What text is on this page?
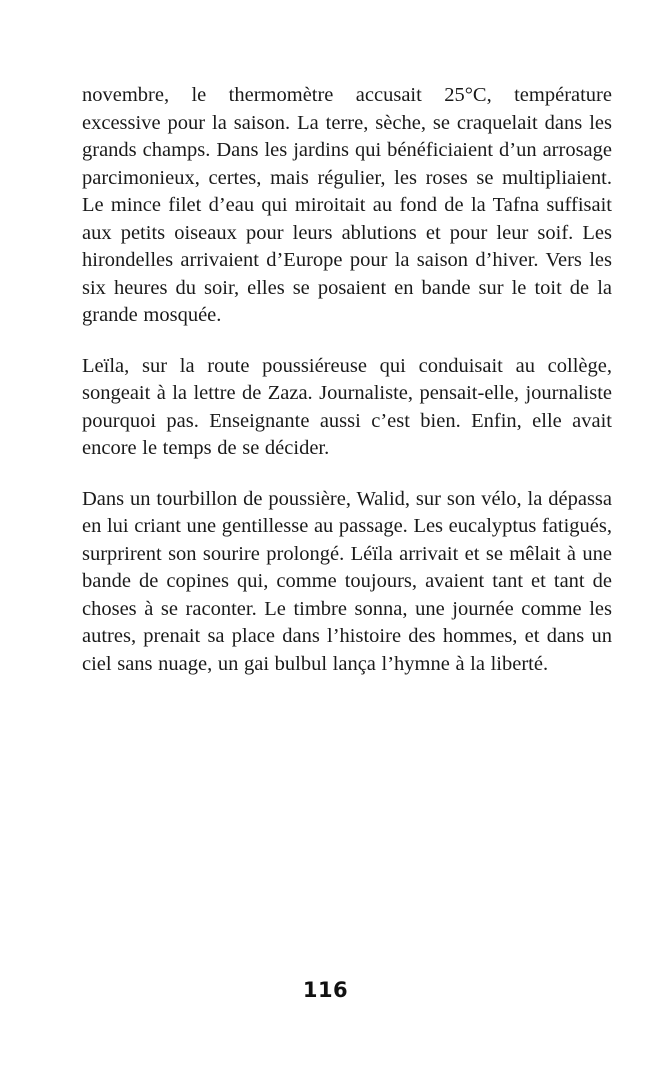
novembre, le thermomètre accusait 25°C, température excessive pour la saison. La terre, sèche, se craquelait dans les grands champs. Dans les jardins qui bénéficiaient d’un arrosage parcimonieux, certes, mais régulier, les roses se multipliaient. Le mince filet d’eau qui miroitait au fond de la Tafna suffisait aux petits oiseaux pour leurs ablutions et pour leur soif. Les hirondelles arrivaient d’Europe pour la saison d’hiver. Vers les six heures du soir, elles se posaient en bande sur le toit de la grande mosquée.

Leïla, sur la route poussiéreuse qui conduisait au collège, songeait à la lettre de Zaza. Journaliste, pensait-elle, journaliste pourquoi pas. Enseignante aussi c’est bien. Enfin, elle avait encore le temps de se décider.

Dans un tourbillon de poussière, Walid, sur son vélo, la dépassa en lui criant une gentillesse au passage. Les eucalyptus fatigués, surprirent son sourire prolongé. Léïla arrivait et se mêlait à une bande de copines qui, comme toujours, avaient tant et tant de choses à se raconter. Le timbre sonna, une journée comme les autres, prenait sa place dans l’histoire des hommes, et dans un ciel sans nuage, un gai bulbul lança l’hymne à la liberté.

116
